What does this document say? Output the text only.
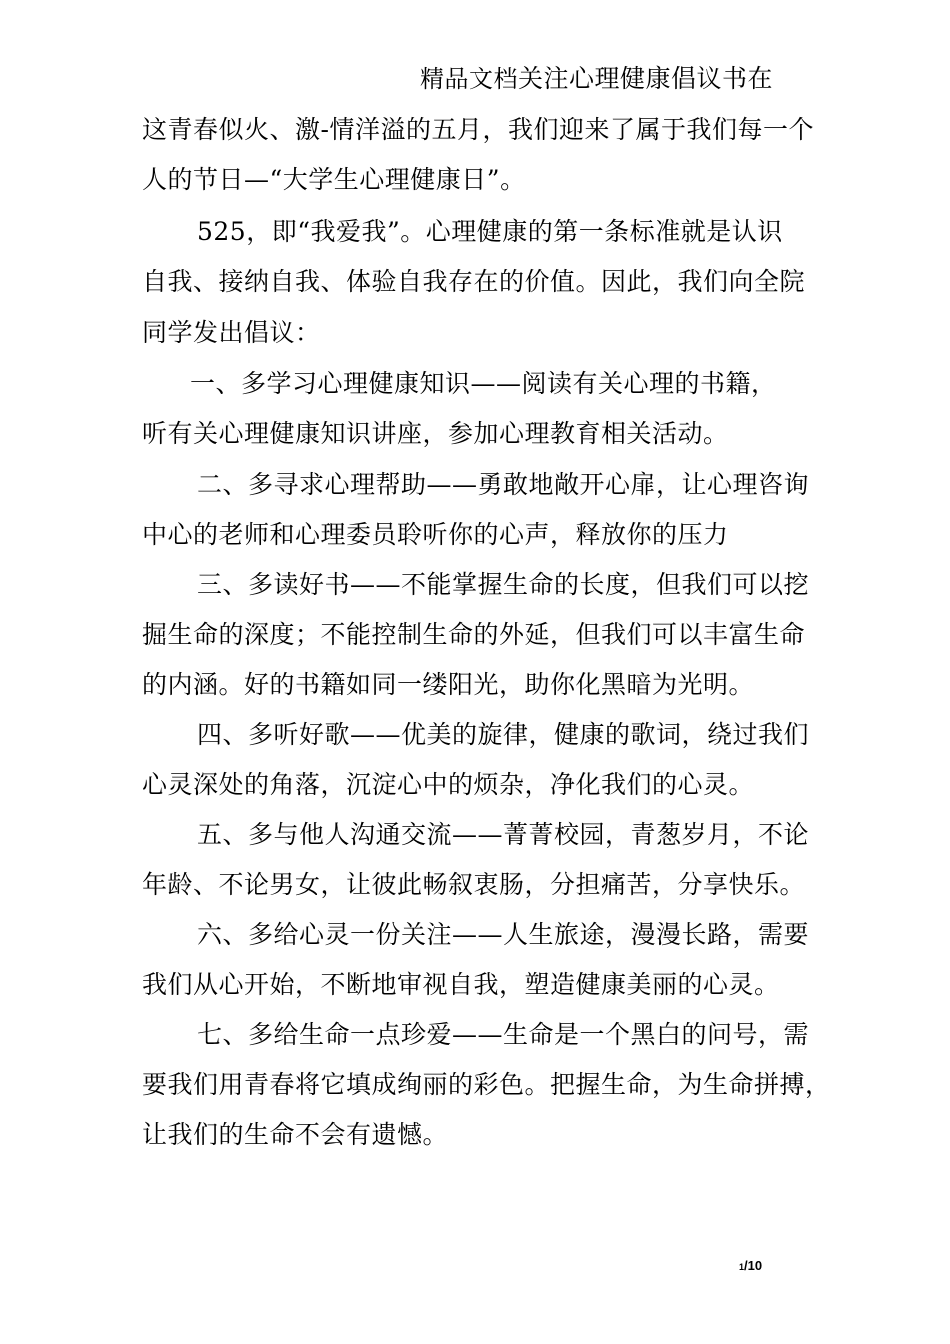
精品文档关注心理健康倡议书在
这青春似火、激-情洋溢的五月，我们迎来了属于我们每一个
人的节日—“大学生心理健康日”。
525，即“我爱我”。心理健康的第一条标准就是认识
自我、接纳自我、体验自我存在的价值。因此，我们向全院
同学发出倡议：
一、多学习心理健康知识——阅读有关心理的书籍，
听有关心理健康知识讲座，参加心理教育相关活动。
二、多寻求心理帮助——勇敢地敞开心扉，让心理咨询
中心的老师和心理委员聆听你的心声，释放你的压力
三、多读好书——不能掌握生命的长度，但我们可以挖
掘生命的深度；不能控制生命的外延，但我们可以丰富生命
的内涵。好的书籍如同一缕阳光，助你化黑暗为光明。
四、多听好歌——优美的旋律，健康的歌词，绕过我们
心灵深处的角落，沉淀心中的烦杂，净化我们的心灵。
五、多与他人沟通交流——菁菁校园，青葱岁月，不论
年龄、不论男女，让彼此畅叙衷肠，分担痛苦，分享快乐。
六、多给心灵一份关注——人生旅途，漫漫长路，需要
我们从心开始，不断地审视自我，塑造健康美丽的心灵。
七、多给生命一点珍爱——生命是一个黑白的问号，需
要我们用青春将它填成绚丽的彩色。把握生命，为生命拼搏，
让我们的生命不会有遗憾。
1/10
